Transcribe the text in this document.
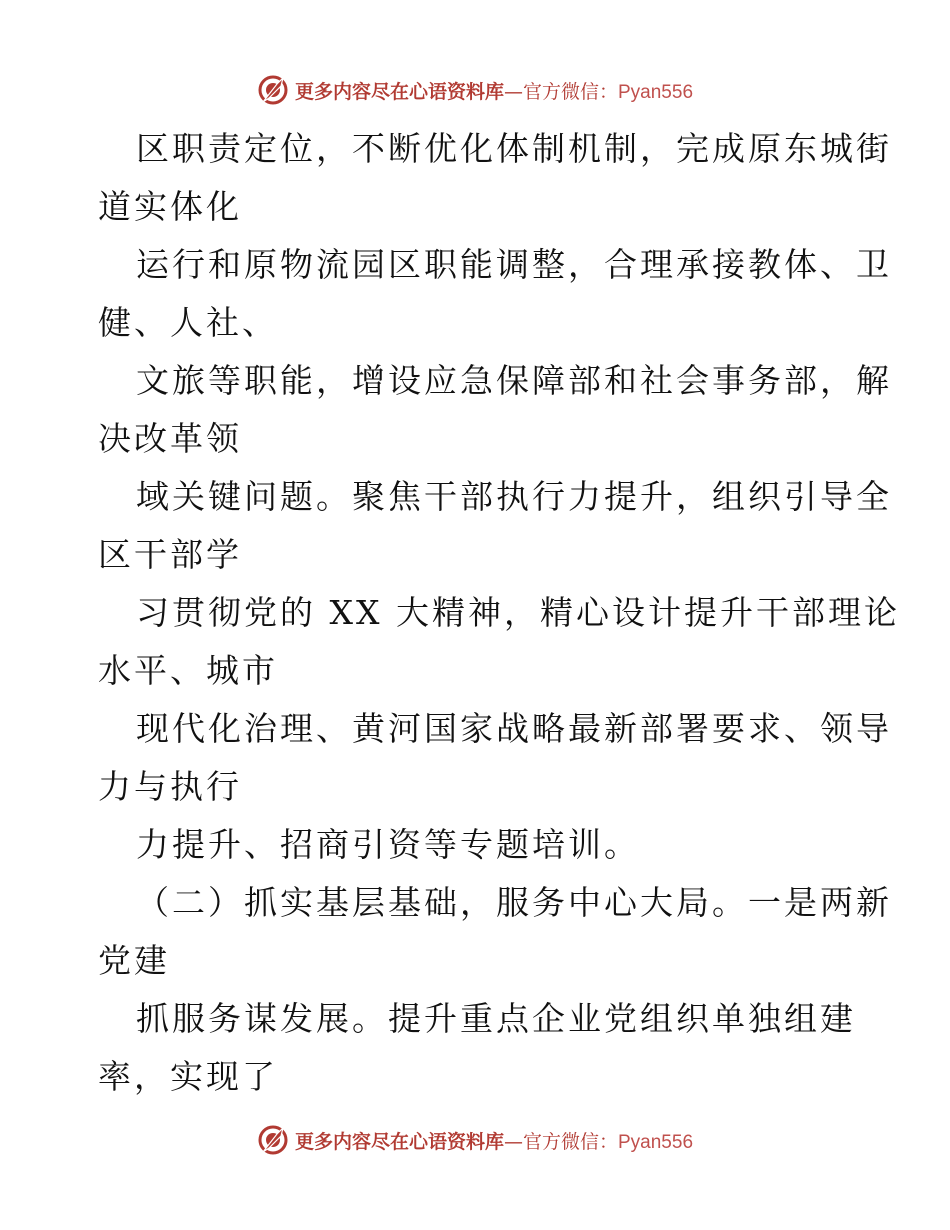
更多内容尽在心语资料库—官方微信：Pyan556
区职责定位，不断优化体制机制，完成原东城街
道实体化
运行和原物流园区职能调整，合理承接教体、卫
健、人社、
文旅等职能，增设应急保障部和社会事务部，解
决改革领
域关键问题。聚焦干部执行力提升，组织引导全
区干部学
习贯彻党的 XX 大精神，精心设计提升干部理论
水平、城市
现代化治理、黄河国家战略最新部署要求、领导
力与执行
力提升、招商引资等专题培训。
（二）抓实基层基础，服务中心大局。一是两新
党建
抓服务谋发展。提升重点企业党组织单独组建
率，实现了
更多内容尽在心语资料库—官方微信：Pyan556
